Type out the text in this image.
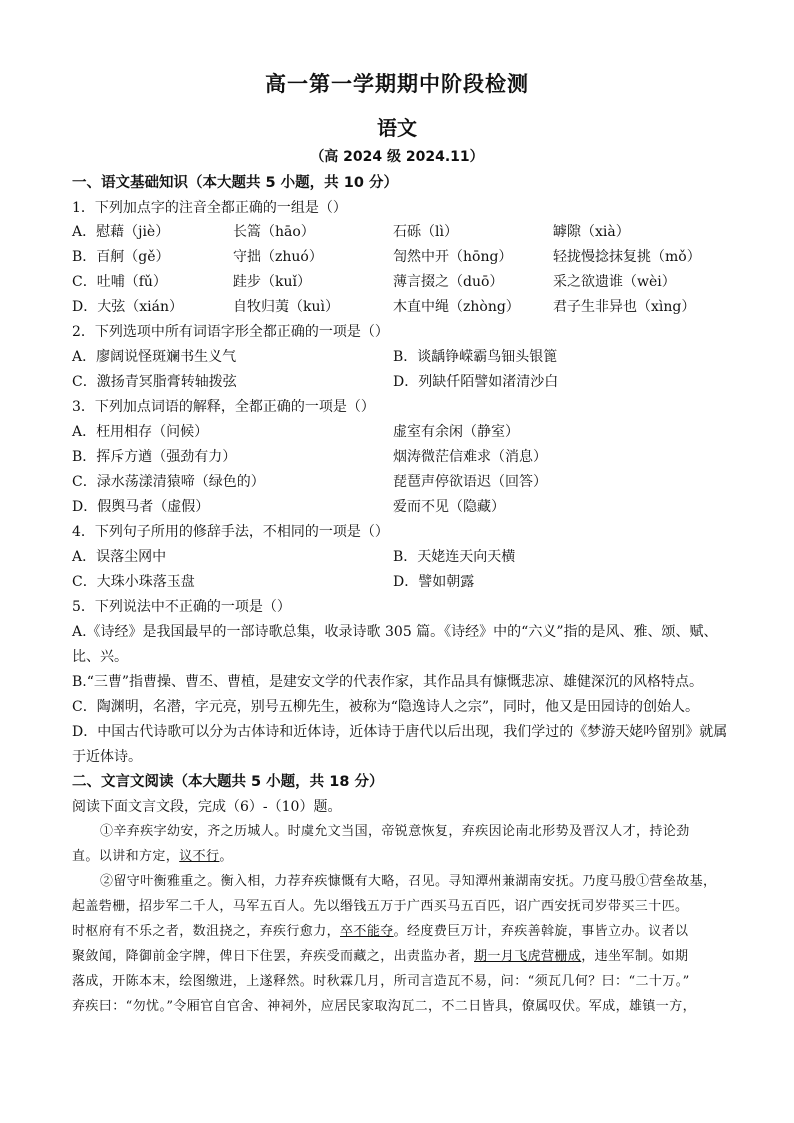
高一第一学期期中阶段检测
语文
（高 2024 级 2024.11）
一、语文基础知识（本大题共 5 小题，共 10 分）
1．下列加点字的注音全都正确的一组是（）
A．慰藉（jiè）	长篙（hāo）	石砾（lì）	罅隙（xià）
B．百舸（gě）	守拙（zhuó）	訇然中开（hōng）	轻拢慢捻抹复挑（mǒ）
C．吐哺（fǔ）	跬步（kuǐ）	薄言掇之（duō）	采之欲遗谁（wèi）
D．大弦（xián）	自牧归荑（kuì）	木直中绳（zhòng） 君子生非异也（xìng）
2．下列选项中所有词语字形全都正确的一项是（）
A．廖阔说怪斑斓书生义气	B．谈龋铮嵘霸鸟钿头银篦
C．激扬青冥脂膏转轴拨弦	D．列缺仟陌譬如渚清沙白
3．下列加点词语的解释，全都正确的一项是（）
A．枉用相存（问候）	虚室有余闲（静室）
B．挥斥方遒（强劲有力）	烟涛微茫信难求（消息）
C．渌水荡漾清猿啼（绿色的）	琵琶声停欲语迟（回答）
D．假舆马者（虚假）	爱而不见（隐藏）
4．下列句子所用的修辞手法，不相同的一项是（）
A．误落尘网中	B．天姥连天向天横
C．大珠小珠落玉盘	D．譬如朝露
5．下列说法中不正确的一项是（）
A.《诗经》是我国最早的一部诗歌总集，收录诗歌 305 篇。《诗经》中的“六义”指的是风、雅、颂、赋、
比、兴。
B.“三曹”指曹操、曹丕、曹植，是建安文学的代表作家，其作品具有慷慨悲凉、雄健深沉的风格特点。
C．陶渊明，名潜，字元亮，别号五柳先生，被称为“隐逸诗人之宗”，同时，他又是田园诗的创始人。
D．中国古代诗歌可以分为古体诗和近体诗，近体诗于唐代以后出现，我们学过的《梦游天姥吟留别》就属
于近体诗。
二、文言文阅读（本大题共 5 小题，共 18 分）
阅读下面文言文段，完成（6）-（10）题。
①辛弃疾字幼安，齐之历城人。时虞允文当国，帝锐意恢复，弃疾因论南北形势及晋汉人才，持论劲
直。以讲和方定，议不行。
②留守叶衡雅重之。衡入相，力荐弃疾慷慨有大略，召见。寻知潭州兼湖南安抚。乃度马殷①营垒故基，
起盖砦栅，招步军二千人，马军五百人。先以缗钱五万于广西买马五百匹，诏广西安抚司岁带买三十匹。
时枢府有不乐之者，数沮挠之，弃疾行愈力，卒不能夺。经度费巨万计，弃疾善斡旋，事皆立办。议者以
聚敛闻，降御前金字牌，俾日下住罢，弃疾受而藏之，出责监办者，期一月飞虎营栅成，违坐军制。如期
落成，开陈本末，绘图缴进，上遂释然。时秋霖几月，所司言造瓦不易，问：“须瓦几何？曰：“二十万。”
弃疾曰：“勿忧。”令厢官自官舍、神祠外，应居民家取沟瓦二，不二日皆具，僚属叹伏。军成，雄镇一方，
